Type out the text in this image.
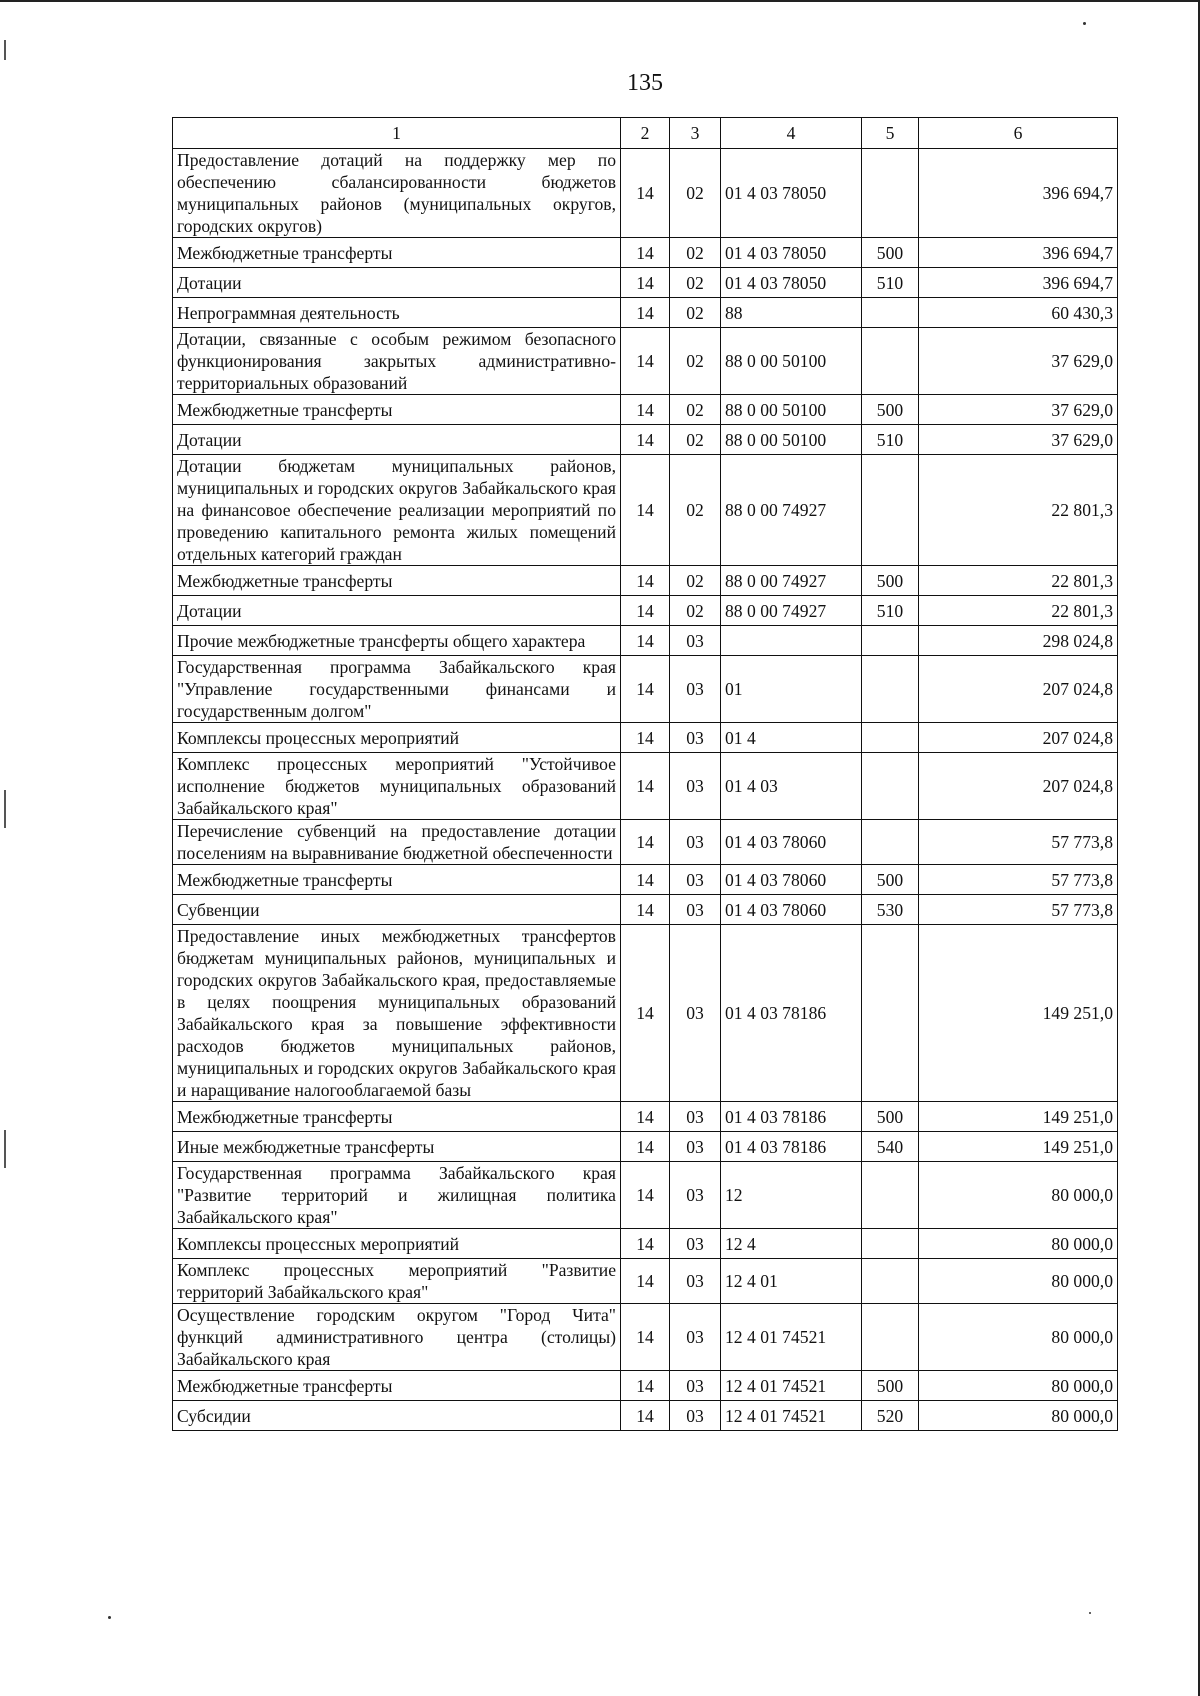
135
1	2	3	4	5	6
Предоставление дотаций на поддержку мер по обеспечению сбалансированности бюджетов муниципальных районов (муниципальных округов, городских округов)	14	02	01 4 03 78050		396 694,7
Межбюджетные трансферты	14	02	01 4 03 78050	500	396 694,7
Дотации	14	02	01 4 03 78050	510	396 694,7
Непрограммная деятельность	14	02	88		60 430,3
Дотации, связанные с особым режимом безопасного функционирования закрытых административно-территориальных образований	14	02	88 0 00 50100		37 629,0
Межбюджетные трансферты	14	02	88 0 00 50100	500	37 629,0
Дотации	14	02	88 0 00 50100	510	37 629,0
Дотации бюджетам муниципальных районов, муниципальных и городских округов Забайкальского края на финансовое обеспечение реализации мероприятий по проведению капитального ремонта жилых помещений отдельных категорий граждан	14	02	88 0 00 74927		22 801,3
Межбюджетные трансферты	14	02	88 0 00 74927	500	22 801,3
Дотации	14	02	88 0 00 74927	510	22 801,3
Прочие межбюджетные трансферты общего характера	14	03			298 024,8
Государственная программа Забайкальского края "Управление государственными финансами и государственным долгом"	14	03	01		207 024,8
Комплексы процессных мероприятий	14	03	01 4		207 024,8
Комплекс процессных мероприятий "Устойчивое исполнение бюджетов муниципальных образований Забайкальского края"	14	03	01 4 03		207 024,8
Перечисление субвенций на предоставление дотации поселениям на выравнивание бюджетной обеспеченности	14	03	01 4 03 78060		57 773,8
Межбюджетные трансферты	14	03	01 4 03 78060	500	57 773,8
Субвенции	14	03	01 4 03 78060	530	57 773,8
Предоставление иных межбюджетных трансфертов бюджетам муниципальных районов, муниципальных и городских округов Забайкальского края, предоставляемые в целях поощрения муниципальных образований Забайкальского края за повышение эффективности расходов бюджетов муниципальных районов, муниципальных и городских округов Забайкальского края и наращивание налогооблагаемой базы	14	03	01 4 03 78186		149 251,0
Межбюджетные трансферты	14	03	01 4 03 78186	500	149 251,0
Иные межбюджетные трансферты	14	03	01 4 03 78186	540	149 251,0
Государственная программа Забайкальского края "Развитие территорий и жилищная политика Забайкальского края"	14	03	12		80 000,0
Комплексы процессных мероприятий	14	03	12 4		80 000,0
Комплекс процессных мероприятий "Развитие территорий Забайкальского края"	14	03	12 4 01		80 000,0
Осуществление городским округом "Город Чита" функций административного центра (столицы) Забайкальского края	14	03	12 4 01 74521		80 000,0
Межбюджетные трансферты	14	03	12 4 01 74521	500	80 000,0
Субсидии	14	03	12 4 01 74521	520	80 000,0
